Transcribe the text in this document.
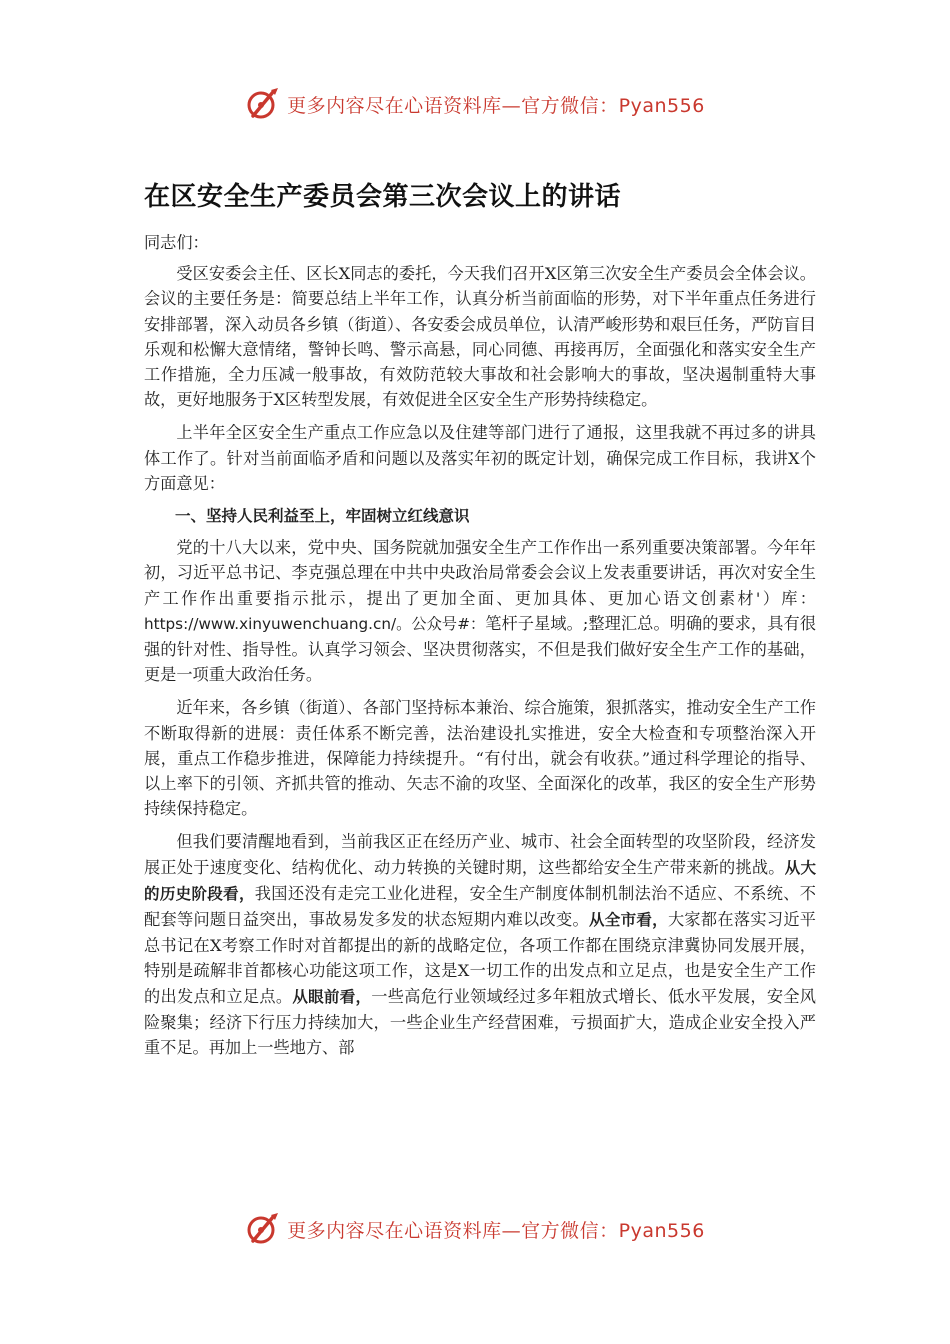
更多内容尽在心语资料库—官方微信：Pyan556
在区安全生产委员会第三次会议上的讲话

同志们：

受区安委会主任、区长X同志的委托，今天我们召开X区第三次安全生产委员会全体会议。会议的主要任务是：简要总结上半年工作，认真分析当前面临的形势，对下半年重点任务进行安排部署，深入动员各乡镇（街道）、各安委会成员单位，认清严峻形势和艰巨任务，严防盲目乐观和松懈大意情绪，警钟长鸣、警示高悬，同心同德、再接再厉，全面强化和落实安全生产工作措施，全力压减一般事故，有效防范较大事故和社会影响大的事故，坚决遏制重特大事故，更好地服务于X区转型发展，有效促进全区安全生产形势持续稳定。

上半年全区安全生产重点工作应急以及住建等部门进行了通报，这里我就不再过多的讲具体工作了。针对当前面临矛盾和问题以及落实年初的既定计划，确保完成工作目标，我讲X个方面意见：

一、坚持人民利益至上，牢固树立红线意识

党的十八大以来，党中央、国务院就加强安全生产工作作出一系列重要决策部署。今年年初，习近平总书记、李克强总理在中共中央政治局常委会会议上发表重要讲话，再次对安全生产工作作出重要指示批示，提出了更加全面、更加具体、更加心语文创素材'）库：https://www.xinyuwenchuang.cn/。公众号#：笔杆子星域。;整理汇总。明确的要求，具有很强的针对性、指导性。认真学习领会、坚决贯彻落实，不但是我们做好安全生产工作的基础，更是一项重大政治任务。

近年来，各乡镇（街道）、各部门坚持标本兼治、综合施策，狠抓落实，推动安全生产工作不断取得新的进展：责任体系不断完善，法治建设扎实推进，安全大检查和专项整治深入开展，重点工作稳步推进，保障能力持续提升。“有付出，就会有收获。”通过科学理论的指导、以上率下的引领、齐抓共管的推动、矢志不渝的攻坚、全面深化的改革，我区的安全生产形势持续保持稳定。

但我们要清醒地看到，当前我区正在经历产业、城市、社会全面转型的攻坚阶段，经济发展正处于速度变化、结构优化、动力转换的关键时期，这些都给安全生产带来新的挑战。从大的历史阶段看，我国还没有走完工业化进程，安全生产制度体制机制法治不适应、不系统、不配套等问题日益突出，事故易发多发的状态短期内难以改变。从全市看，大家都在落实习近平总书记在X考察工作时对首都提出的新的战略定位，各项工作都在围绕京津冀协同发展开展，特别是疏解非首都核心功能这项工作，这是X一切工作的出发点和立足点，也是安全生产工作的出发点和立足点。从眼前看，一些高危行业领域经过多年粗放式增长、低水平发展，安全风险聚集；经济下行压力持续加大，一些企业生产经营困难，亏损面扩大，造成企业安全投入严重不足。再加上一些地方、部

更多内容尽在心语资料库—官方微信：Pyan556
